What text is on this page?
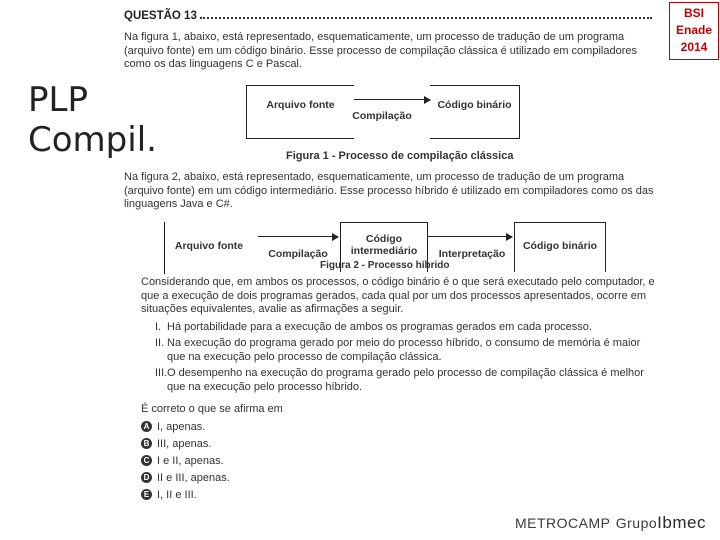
PLP
Compil.
BSI
Enade
2014
QUESTÃO 13
Na figura 1, abaixo, está representado, esquematicamente, um processo de tradução de um programa (arquivo fonte) em um código binário. Esse processo de compilação clássica é utilizado em compiladores como os das linguagens C e Pascal.
Arquivo fonte
Compilação
Código binário
Figura 1 - Processo de compilação clássica
Na figura 2, abaixo, está representado, esquematicamente, um processo de tradução de um programa (arquivo fonte) em um código intermediário. Esse processo híbrido é utilizado em compiladores como os das linguagens Java e C#.
Arquivo fonte
Compilação
Código
intermediário	Interpretação
Código binário
Figura 2 - Processo híbrido
Considerando que, em ambos os processos, o código binário é o que será executado pelo computador, e que a execução de dois programas gerados, cada qual por um dos processos apresentados, ocorre em situações equivalentes, avalie as afirmações a seguir.
I. Há portabilidade para a execução de ambos os programas gerados em cada processo.
II. Na execução do programa gerado por meio do processo híbrido, o consumo de memória é maior que na execução pelo processo de compilação clássica.
III. O desempenho na execução do programa gerado pelo processo de compilação clássica é melhor que na execução pelo processo híbrido.
É correto o que se afirma em
A I, apenas.
B III, apenas.
C I e II, apenas.
D II e III, apenas.
E I, II e III.
METROCAMP GrupoIbmec
